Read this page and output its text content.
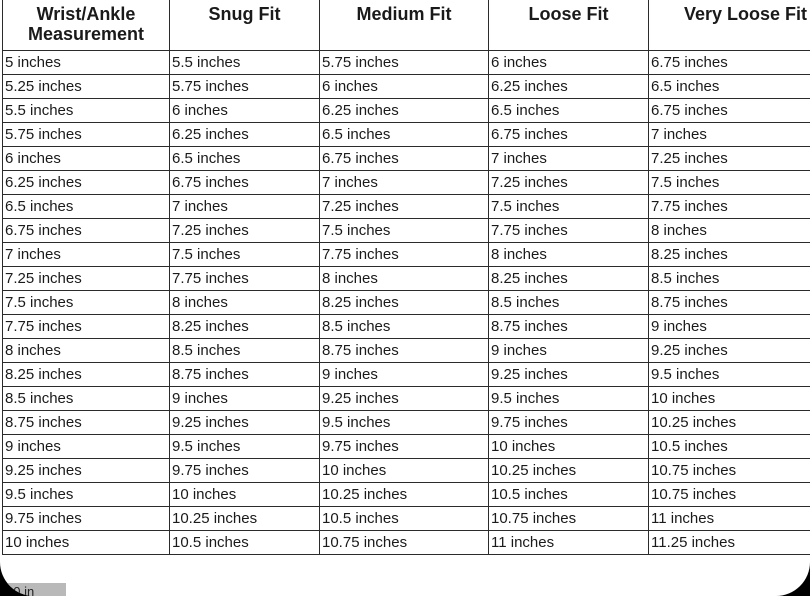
Wrist/Ankle Measurement	Snug Fit	Medium Fit	Loose Fit	Very Loose Fit
5 inches	5.5 inches	5.75 inches	6 inches	6.75 inches
5.25 inches	5.75 inches	6 inches	6.25 inches	6.5 inches
5.5 inches	6 inches	6.25 inches	6.5 inches	6.75 inches
5.75 inches	6.25 inches	6.5 inches	6.75 inches	7 inches
6 inches	6.5 inches	6.75 inches	7 inches	7.25 inches
6.25 inches	6.75 inches	7 inches	7.25 inches	7.5 inches
6.5 inches	7 inches	7.25 inches	7.5 inches	7.75 inches
6.75 inches	7.25 inches	7.5 inches	7.75 inches	8 inches
7 inches	7.5 inches	7.75 inches	8 inches	8.25 inches
7.25 inches	7.75 inches	8 inches	8.25 inches	8.5 inches
7.5 inches	8 inches	8.25 inches	8.5 inches	8.75 inches
7.75 inches	8.25 inches	8.5 inches	8.75 inches	9 inches
8 inches	8.5 inches	8.75 inches	9 inches	9.25 inches
8.25 inches	8.75 inches	9 inches	9.25 inches	9.5 inches
8.5 inches	9 inches	9.25 inches	9.5 inches	10 inches
8.75 inches	9.25 inches	9.5 inches	9.75 inches	10.25 inches
9 inches	9.5 inches	9.75 inches	10 inches	10.5 inches
9.25 inches	9.75 inches	10 inches	10.25 inches	10.75 inches
9.5 inches	10 inches	10.25 inches	10.5 inches	10.75 inches
9.75 inches	10.25 inches	10.5 inches	10.75 inches	11 inches
10 inches	10.5 inches	10.75 inches	11 inches	11.25 inches
10 in
